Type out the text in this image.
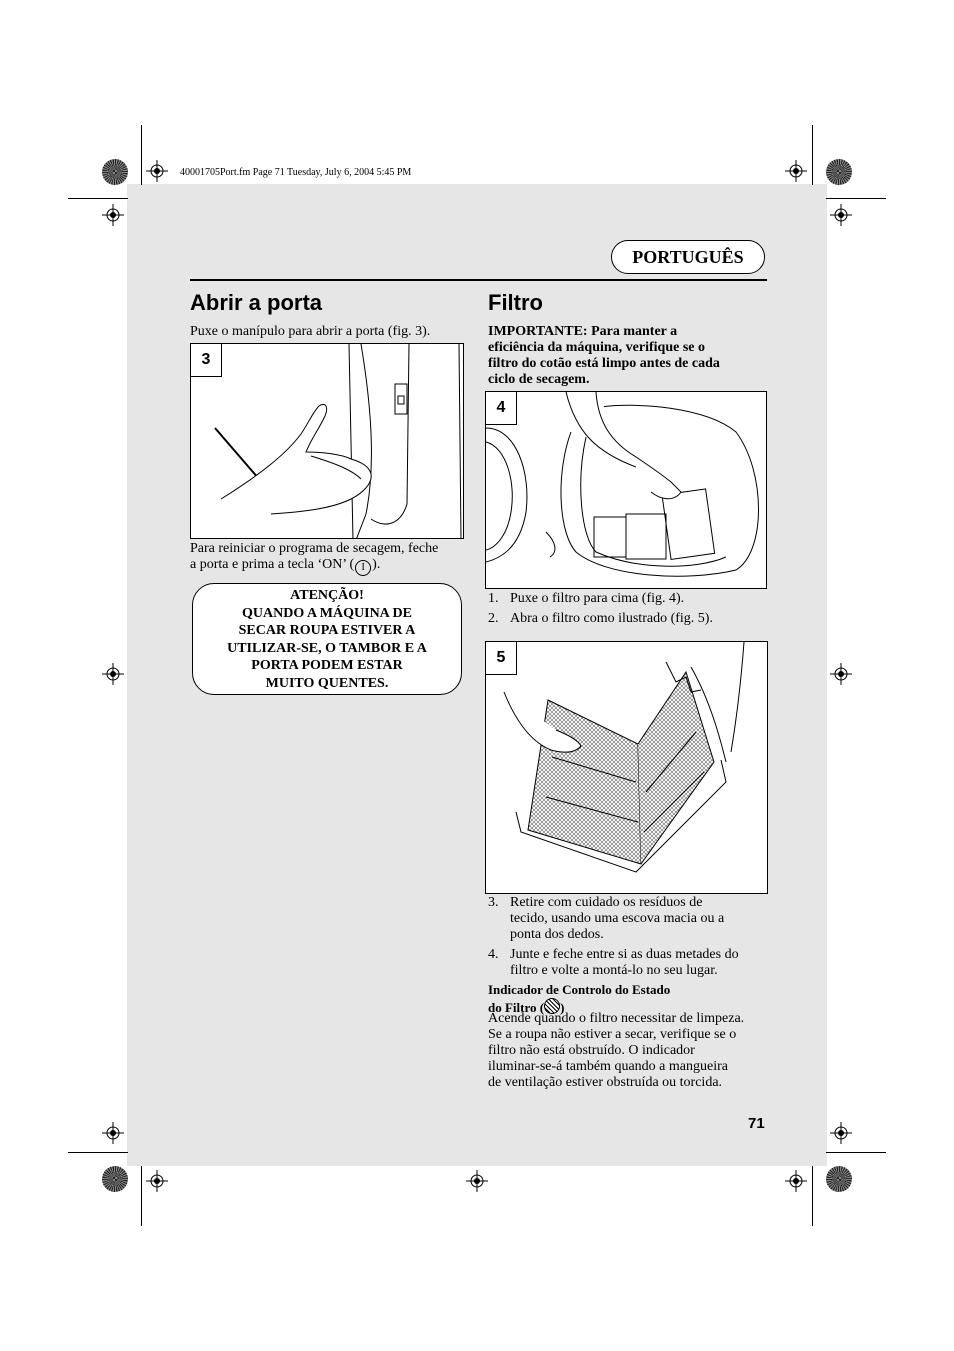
40001705Port.fm Page 71 Tuesday, July 6, 2004 5:45 PM
PORTUGUÊS
Abrir a porta
Puxe o manípulo para abrir a porta (fig. 3).
3
Para reiniciar o programa de secagem, feche
a porta e prima a tecla ‘ON’ ( I ).
ATENÇÃO!
QUANDO A MÁQUINA DE
SECAR ROUPA ESTIVER A
UTILIZAR-SE, O TAMBOR E A
PORTA PODEM ESTAR
MUITO QUENTES.
Filtro
IMPORTANTE: Para manter a
eficiência da máquina, verifique se o
filtro do cotão está limpo antes de cada
ciclo de secagem.
4
1. Puxe o filtro para cima (fig. 4).
2. Abra o filtro como ilustrado (fig. 5).
5
3. Retire com cuidado os resíduos de
tecido, usando uma escova macia ou a
ponta dos dedos.
4. Junte e feche entre si as duas metades do
filtro e volte a montá-lo no seu lugar.
Indicador de Controlo do Estado
do Filtro ( )
Acende quando o filtro necessitar de limpeza.
Se a roupa não estiver a secar, verifique se o
filtro não está obstruído. O indicador
iluminar-se-á também quando a mangueira
de ventilação estiver obstruída ou torcida.
71
